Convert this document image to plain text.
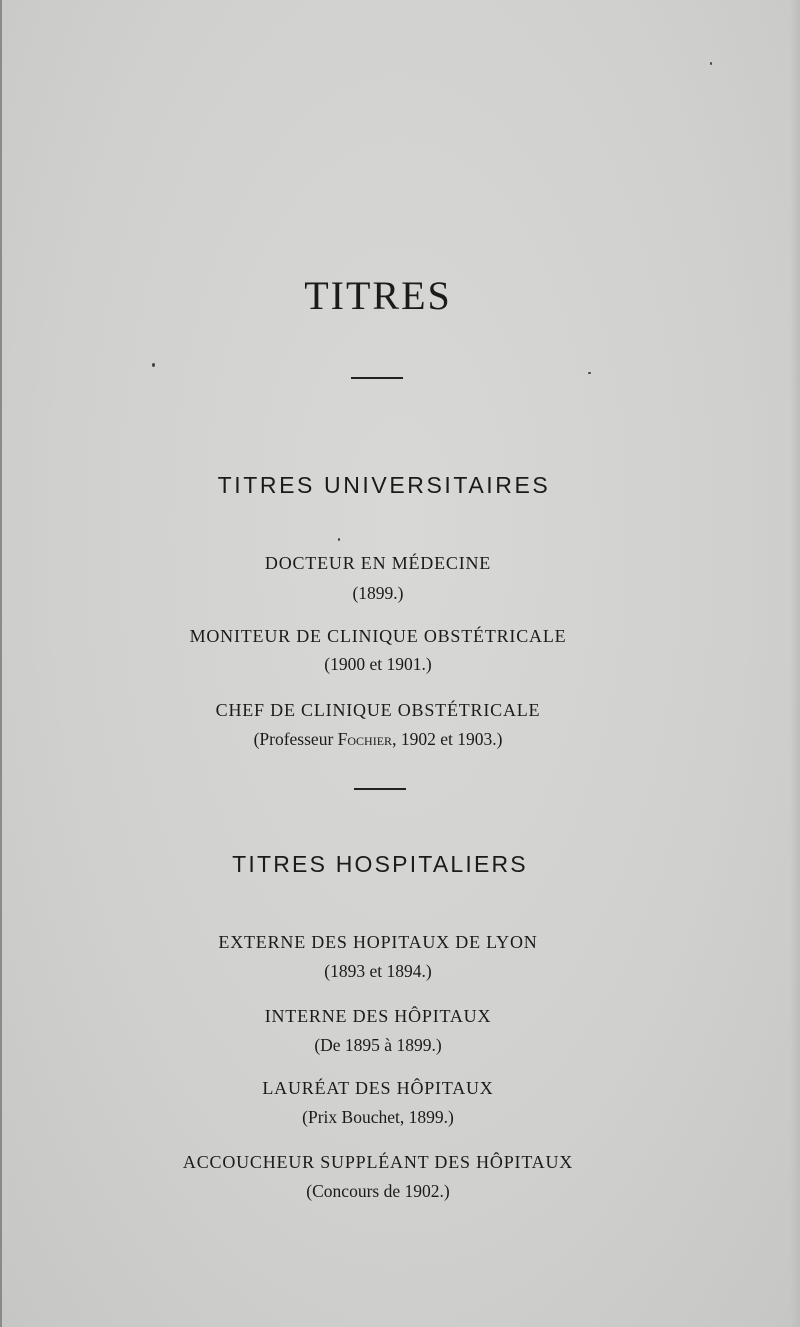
TITRES
TITRES UNIVERSITAIRES
DOCTEUR EN MÉDECINE
(1899.)
MONITEUR DE CLINIQUE OBSTÉTRICALE
(1900 et 1901.)
CHEF DE CLINIQUE OBSTÉTRICALE
(Professeur Fochier, 1902 et 1903.)
TITRES HOSPITALIERS
EXTERNE DES HOPITAUX DE LYON
(1893 et 1894.)
INTERNE DES HÔPITAUX
(De 1895 à 1899.)
LAURÉAT DES HÔPITAUX
(Prix Bouchet, 1899.)
ACCOUCHEUR SUPPLÉANT DES HÔPITAUX
(Concours de 1902.)
